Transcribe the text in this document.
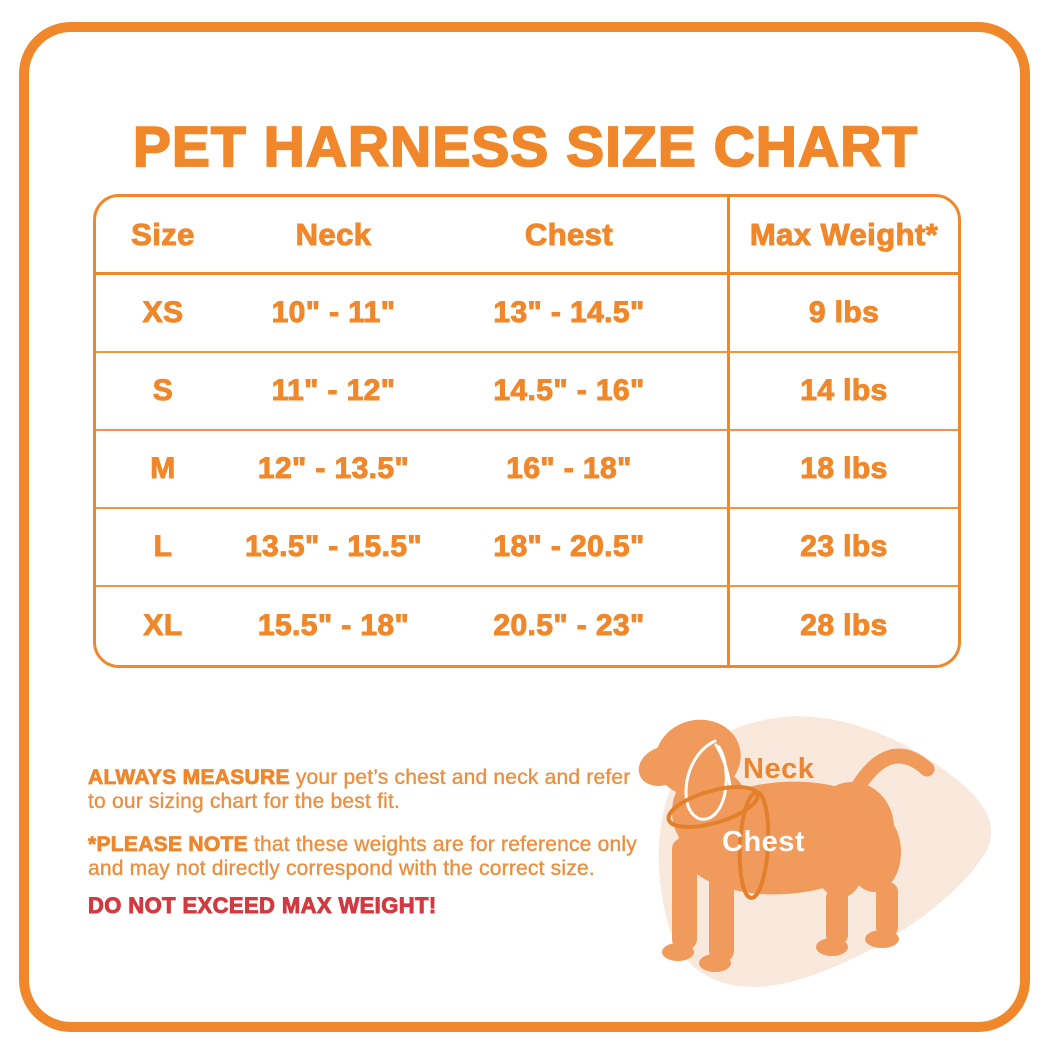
PET HARNESS SIZE CHART
Size	Neck	Chest	Max Weight*
XS	10" - 11"	13" - 14.5"	9 lbs
S	11" - 12"	14.5" - 16"	14 lbs
M	12" - 13.5"	16" - 18"	18 lbs
L	13.5" - 15.5"	18" - 20.5"	23 lbs
XL	15.5" - 18"	20.5" - 23"	28 lbs

ALWAYS MEASURE your pet’s chest and neck and refer
to our sizing chart for the best fit.

*PLEASE NOTE that these weights are for reference only
and may not directly correspond with the correct size.

DO NOT EXCEED MAX WEIGHT!

Neck
Chest
